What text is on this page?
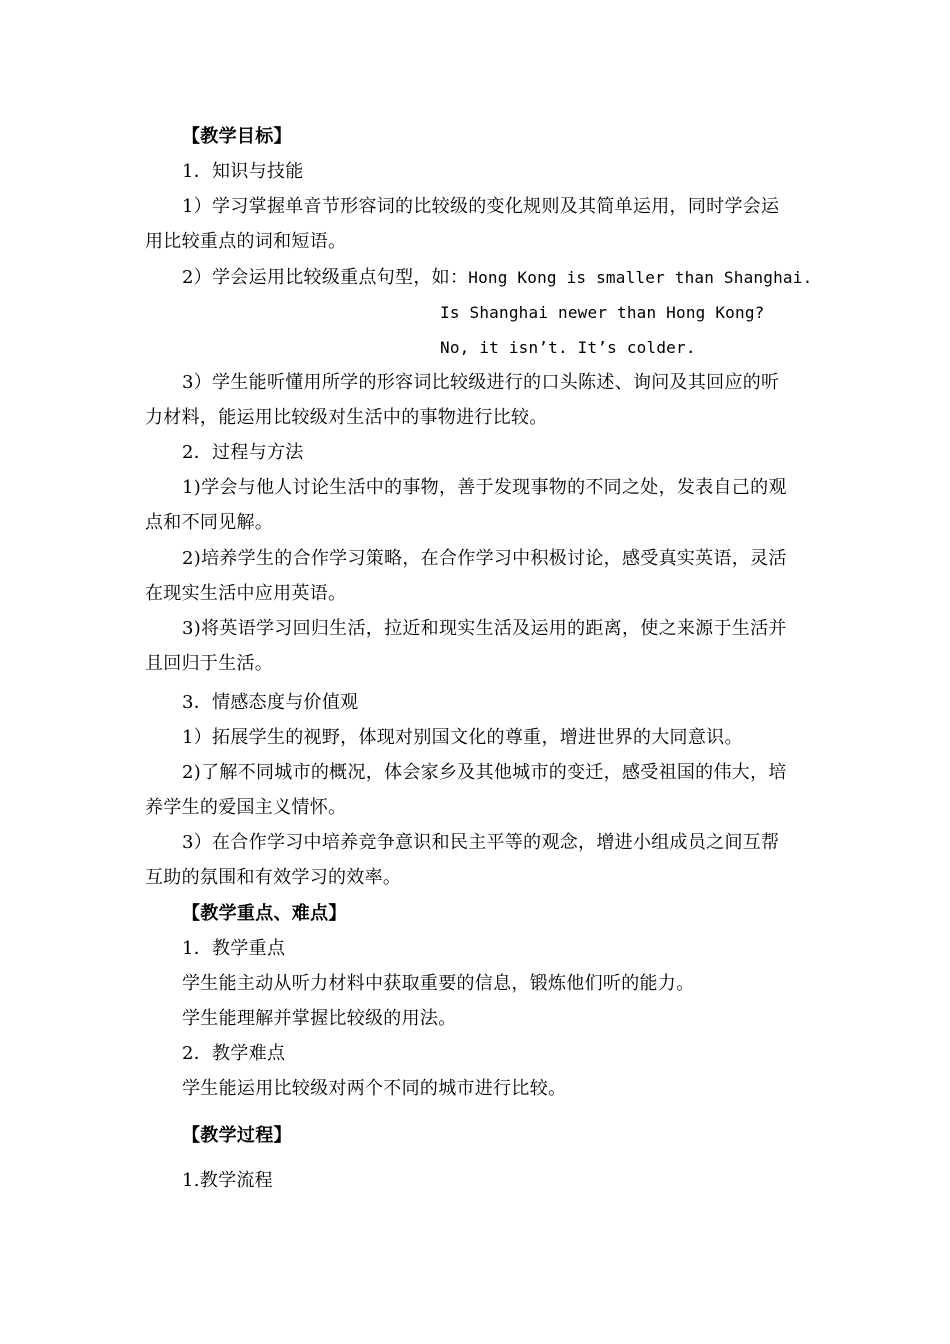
【教学目标】
1．知识与技能
1）学习掌握单音节形容词的比较级的变化规则及其简单运用，同时学会运
用比较重点的词和短语。
2）学会运用比较级重点句型，如：Hong Kong is smaller than Shanghai.
Is Shanghai newer than Hong Kong?
No, it isn’t. It’s colder.
3）学生能听懂用所学的形容词比较级进行的口头陈述、询问及其回应的听
力材料，能运用比较级对生活中的事物进行比较。
2．过程与方法
1)学会与他人讨论生活中的事物，善于发现事物的不同之处，发表自己的观
点和不同见解。
2)培养学生的合作学习策略，在合作学习中积极讨论，感受真实英语，灵活
在现实生活中应用英语。
3)将英语学习回归生活，拉近和现实生活及运用的距离，使之来源于生活并
且回归于生活。
3．情感态度与价值观
1）拓展学生的视野，体现对别国文化的尊重，增进世界的大同意识。
2)了解不同城市的概况，体会家乡及其他城市的变迁，感受祖国的伟大，培
养学生的爱国主义情怀。
3）在合作学习中培养竞争意识和民主平等的观念，增进小组成员之间互帮
互助的氛围和有效学习的效率。
【教学重点、难点】
1．教学重点
学生能主动从听力材料中获取重要的信息，锻炼他们听的能力。
学生能理解并掌握比较级的用法。
2．教学难点
学生能运用比较级对两个不同的城市进行比较。
【教学过程】
1.教学流程
